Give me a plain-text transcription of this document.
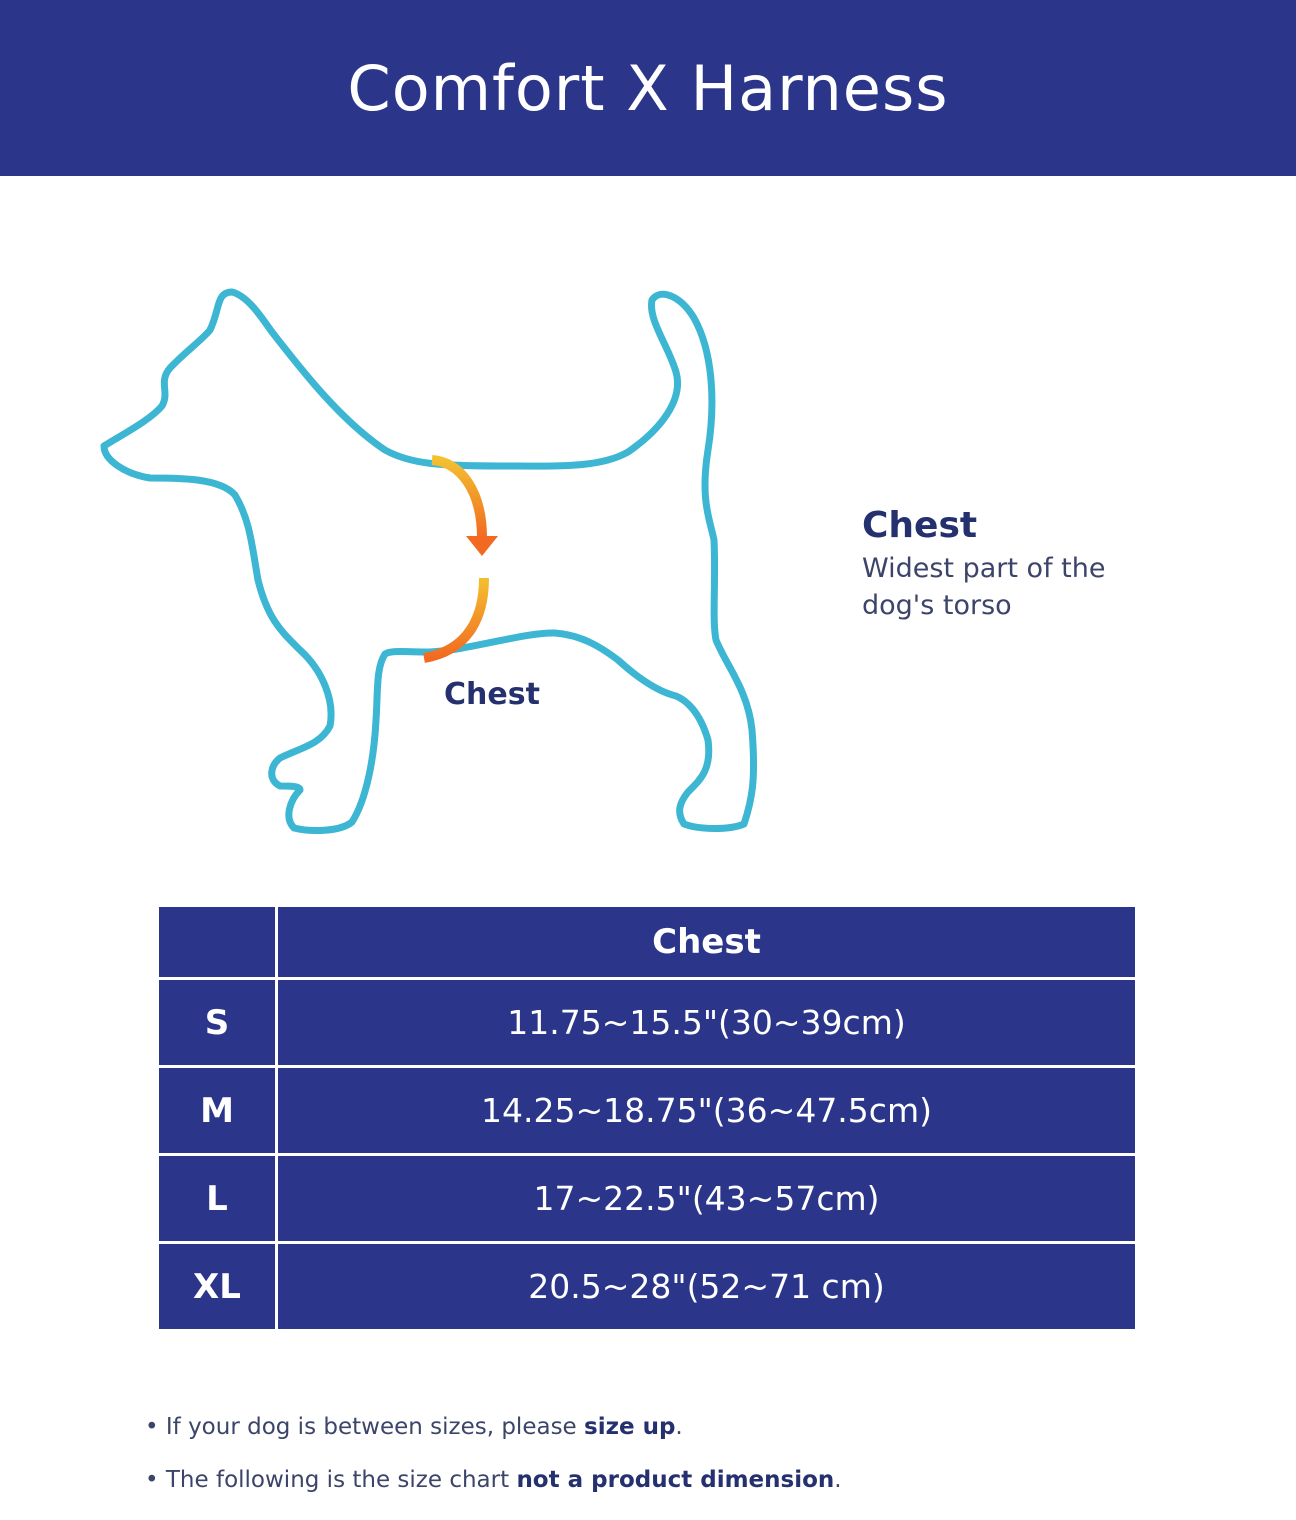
Comfort X Harness
Chest

Chest

Widest part of the
dog's torso

	Chest
S	11.75~15.5"(30~39cm)
M	14.25~18.75"(36~47.5cm)
L	17~22.5"(43~57cm)
XL	20.5~28"(52~71 cm)

• If your dog is between sizes, please size up.

• The following is the size chart not a product dimension.
